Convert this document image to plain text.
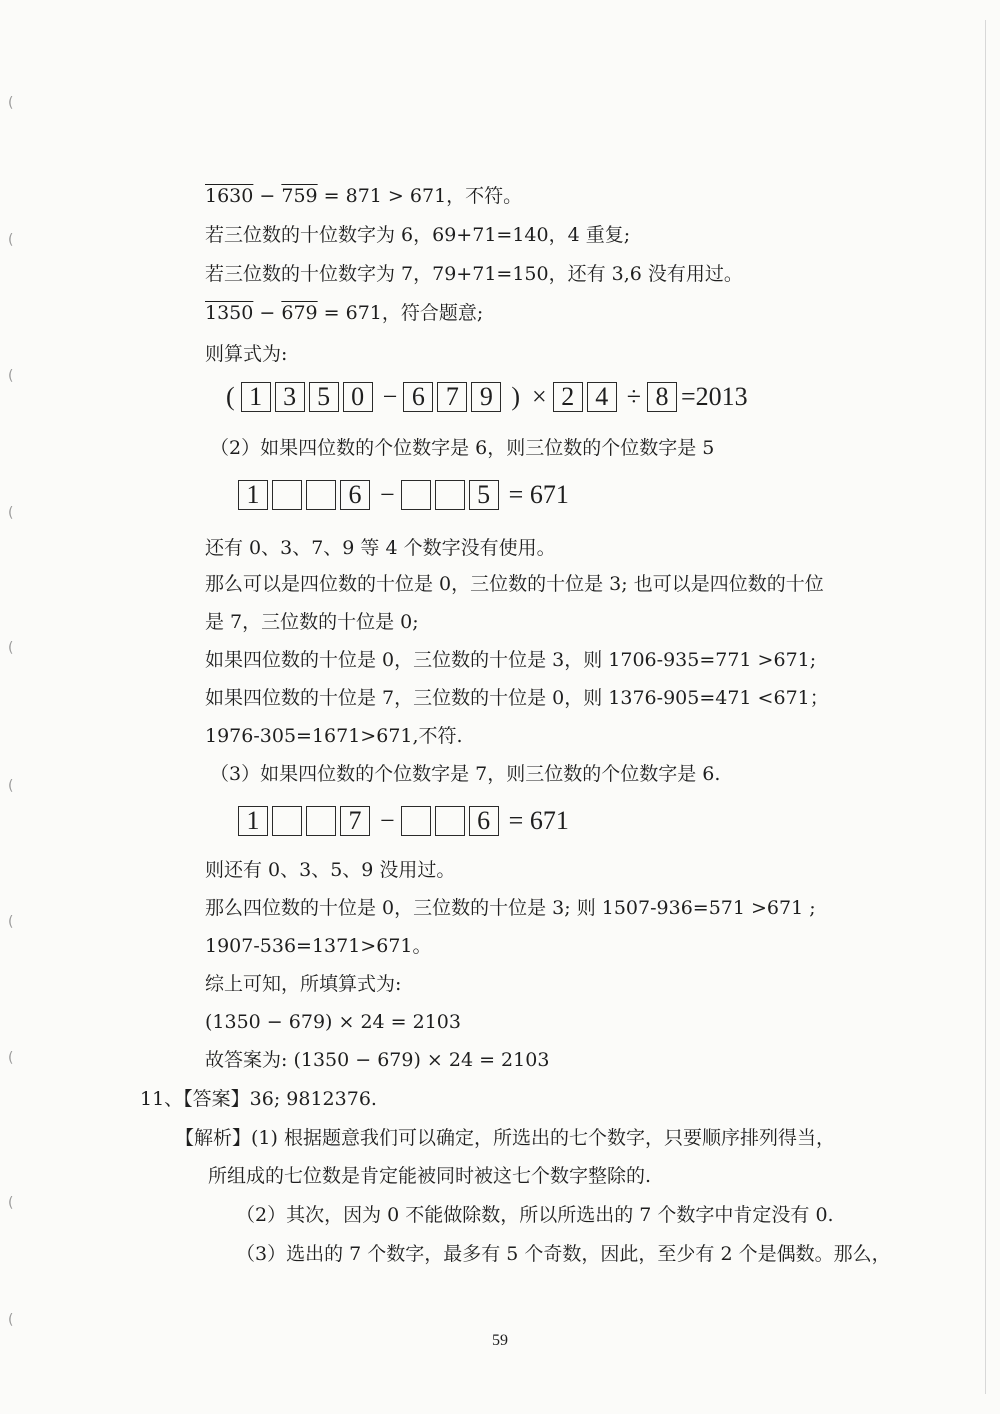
(
(
(
(
(
(
(
(
(
(
1630 − 759 = 871 > 671，不符。
若三位数的十位数字为 6，69+71=140，4 重复;
若三位数的十位数字为 7，79+71=150，还有 3,6 没有用过。
1350 − 679 = 671，符合题意;
则算式为:
( 1 3 5 0 − 6 7 9 ) × 2 4 ÷ 8 =2013
（2）如果四位数的个位数字是 6，则三位数的个位数字是 5
1	6 −	5 = 671
还有 0、3、7、9 等 4 个数字没有使用。
那么可以是四位数的十位是 0，三位数的十位是 3; 也可以是四位数的十位
是 7，三位数的十位是 0;
如果四位数的十位是 0，三位数的十位是 3，则 1706-935=771 >671;
如果四位数的十位是 7，三位数的十位是 0，则 1376-905=471 <671；
1976-305=1671>671,不符.
（3）如果四位数的个位数字是 7，则三位数的个位数字是 6.
1	7 −	6 = 671
则还有 0、3、5、9 没用过。
那么四位数的十位是 0，三位数的十位是 3; 则 1507-936=571 >671 ;
1907-536=1371>671。
综上可知，所填算式为:
(1350 − 679) × 24 = 2103
故答案为: (1350 − 679) × 24 = 2103
11、【答案】36; 9812376.
【解析】(1) 根据题意我们可以确定，所选出的七个数字，只要顺序排列得当，
所组成的七位数是肯定能被同时被这七个数字整除的.
（2）其次，因为 0 不能做除数，所以所选出的 7 个数字中肯定没有 0.
（3）选出的 7 个数字，最多有 5 个奇数，因此，至少有 2 个是偶数。那么，
59
